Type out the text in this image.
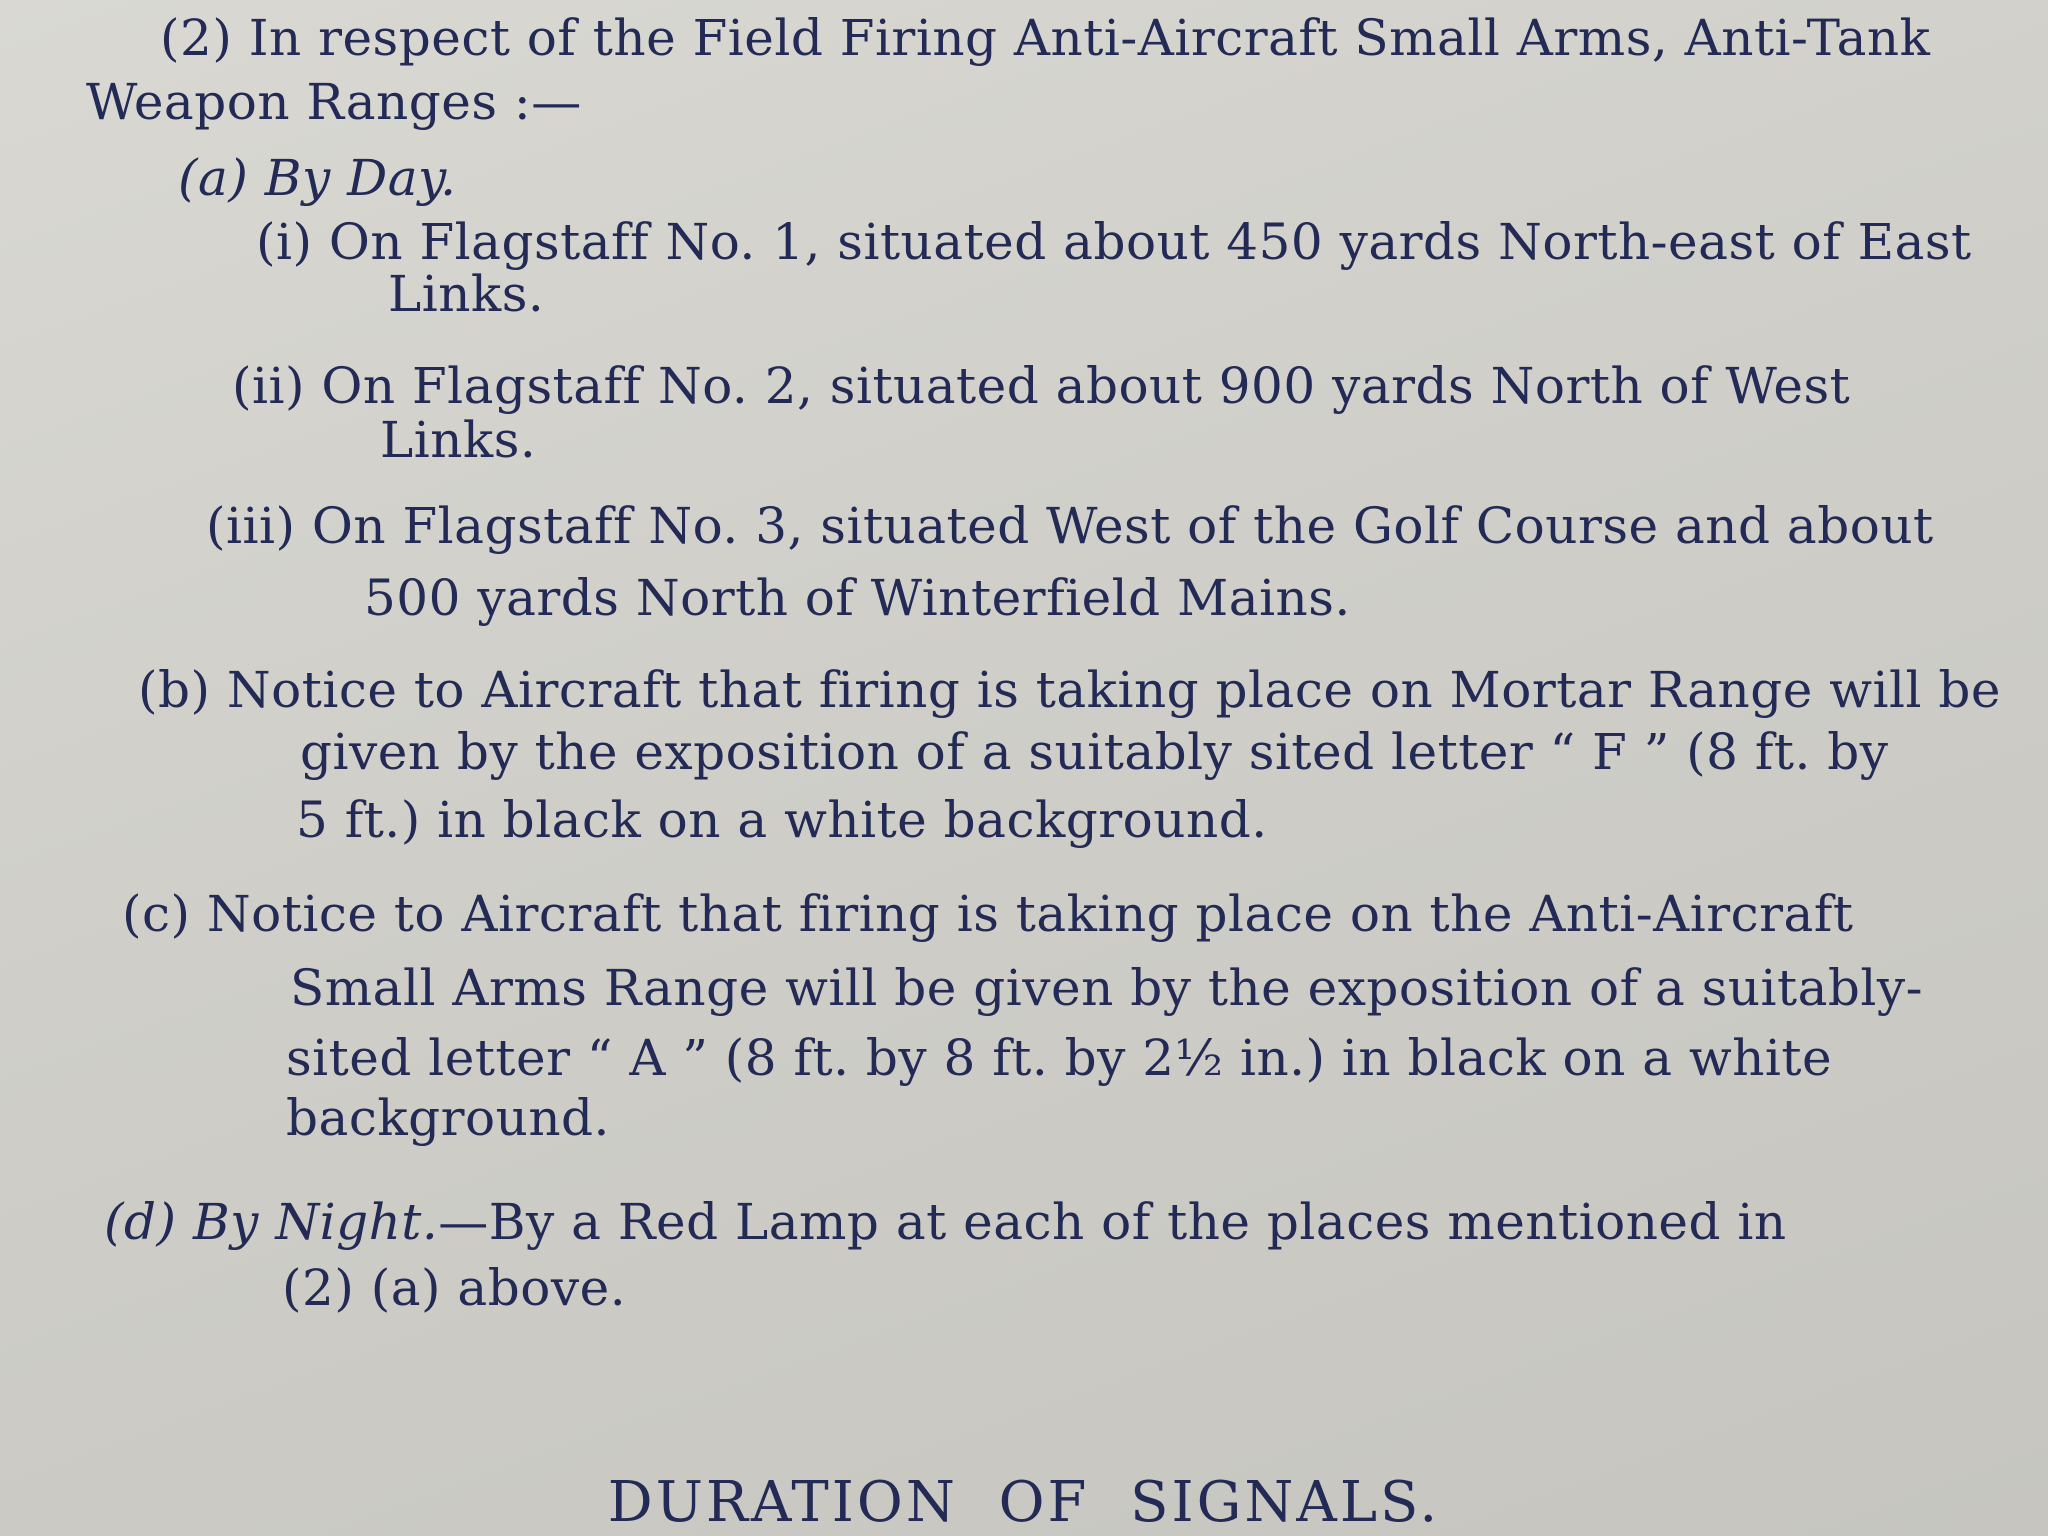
(2) In respect of the Field Firing Anti-Aircraft Small Arms, Anti-Tank
Weapon Ranges :—
(a) By Day.
(i) On Flagstaff No. 1, situated about 450 yards North-east of East
Links.
(ii) On Flagstaff No. 2, situated about 900 yards North of West
Links.
(iii) On Flagstaff No. 3, situated West of the Golf Course and about
500 yards North of Winterfield Mains.
(b) Notice to Aircraft that firing is taking place on Mortar Range will be
given by the exposition of a suitably sited letter “ F ” (8 ft. by
5 ft.) in black on a white background.
(c) Notice to Aircraft that firing is taking place on the Anti-Aircraft
Small Arms Range will be given by the exposition of a suitably-
sited letter “ A ” (8 ft. by 8 ft. by 2½ in.) in black on a white
background.
(d) By Night.—By a Red Lamp at each of the places mentioned in
(2) (a) above.
DURATION OF SIGNALS.
